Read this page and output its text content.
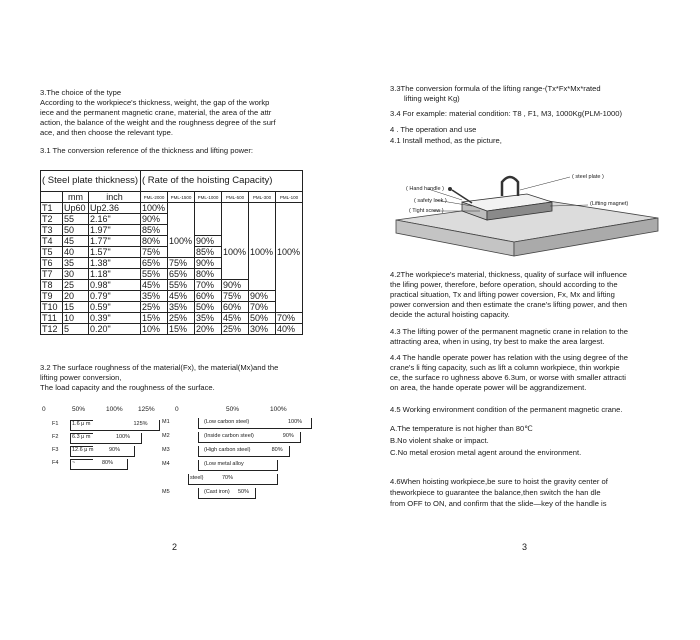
3.The choice of the type
According to the workpiece's thickness, weight, the gap of the workp
iece and the permanent magnetic crane, material, the area of the attr
action, the balance of the weight and the roughness degree of the surf
ace, and then choose the relevant type.
3.1 The conversion reference of the thickness and lifting power:
( Steel plate thickness)			( Rate of the hoisting Capacity)					
	mm	inch	PML-2000	PML-1500	PML-1000	PML-500	PML-300	PML-100
T1	Up60	Up2.36	100%					
T2	55	2.16"	90%					
T3	50	1.97"	85%	100%				
T4	45	1.77"	80%		90%			
T5	40	1.57"	75%		85%	100%	100%	100%
T6	35	1.38"	65%	75%	90%			
T7	30	1.18"	55%	65%	80%			
T8	25	0.98"	45%	55%	70%	90%		
T9	20	0.79"	35%	45%	60%	75%	90%	
T10	15	0.59"	25%	35%	50%	60%	70%	
T11	10	0.39"	15%	25%	35%	45%	50%	70%
T12	5	0.20"	10%	15%	20%	25%	30%	40%
3.2 The surface roughness of the material(Fx), the material(Mx)and the
lifting power conversion,
The load capacity and the roughness of the surface.
0	50%	100% 125%
F1 1.6 μ m	125%
F2 6.3 μ m	100%
F3 12.6 μ m	90%
F4 ~	80%
0	50%	100%
M1	(Low carbon steel)	100%
M2	(Inside carbon steel)	90%
M3	(High carbon steel)	80%
M4	(Low metal alloy
steel)	70%
M5	(Cast iron) 50%
2
3.3The conversion formula of the lifting range-(Tx*Fx*Mx*rated
lifting weight Kg)
3.4 For example: material condition: T8 , F1, M3, 1000Kg(PLM-1000)
4 . The operation and use
4.1 Install method, as the picture,
( steel plate )
( Hand handle )
( safety lock )	(Lifting magnet)
( Tight screw )
4.2The workpiece's material, thickness, quality of surface will influence
the lifing power, therefore, before operation, should according to the
practical situation, Tx and lifting power coversion, Fx, Mx and lifting
power conversion and then estimate the crane's lifting power, and then
decide the actural hoisting capacity.
4.3 The lifting power of the permanent magnetic crane in relation to the
attracting area, when in using, try best to make the area largest.
4.4 The handle operate power has relation with the using degree of the
crane's li fting capacity, such as lift a column workpiece, thin workpie
ce, the surface ro ughness above 6.3um, or worse with smaller attracti
on area, the hande operate power will be aggrandizement.
4.5 Working environment condition of the permanent magnetic crane.
A.The temperature is not higher than 80℃
B.No violent shake or impact.
C.No metal erosion metal agent around the environment.
4.6When hoisting workpiece,be sure to hoist the gravity center of
theworkpiece to guarantee the balance,then switch the han dle
from OFF to ON, and confirm that the slide—key of the handle is
3
